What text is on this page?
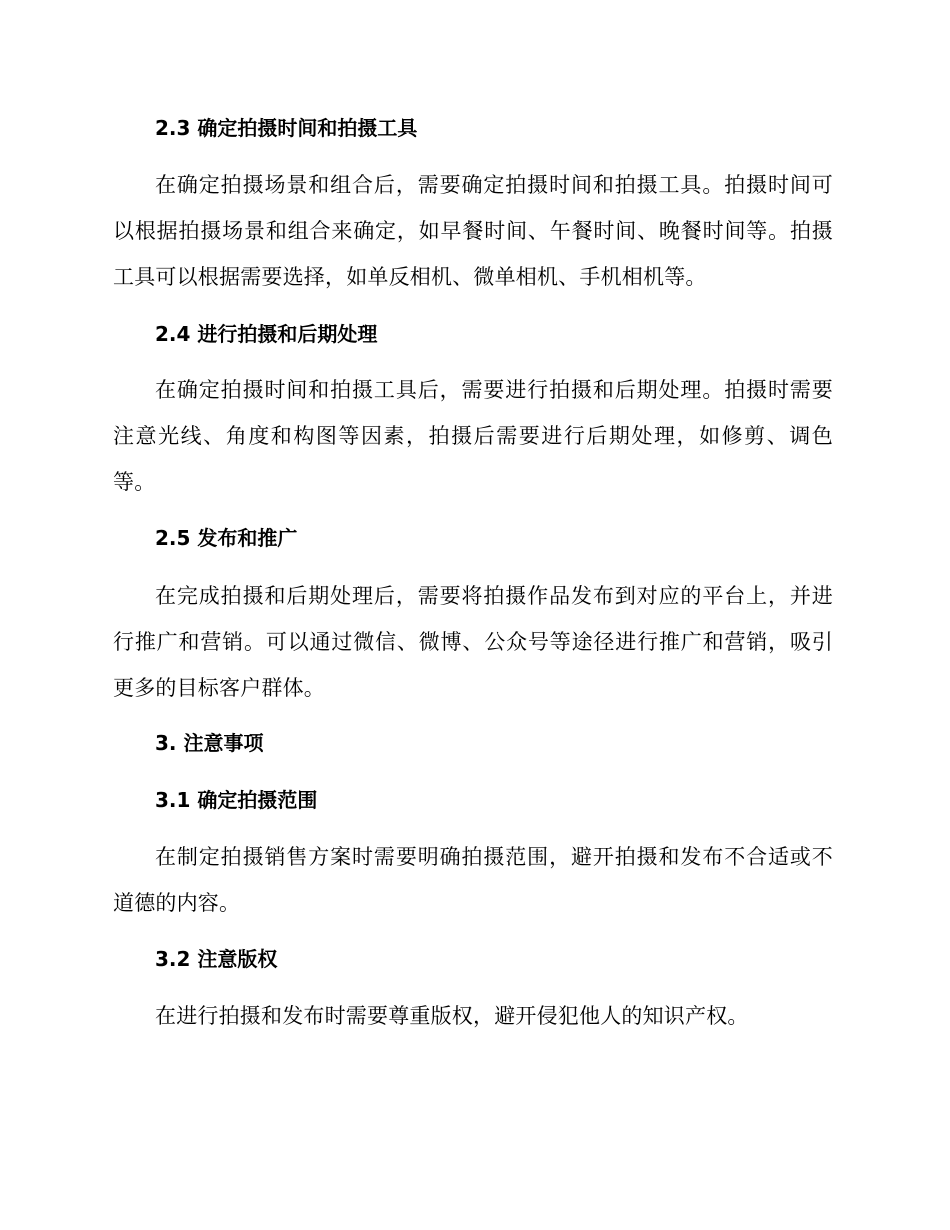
2.3 确定拍摄时间和拍摄工具
在确定拍摄场景和组合后，需要确定拍摄时间和拍摄工具。拍摄时间可以根据拍摄场景和组合来确定，如早餐时间、午餐时间、晚餐时间等。拍摄工具可以根据需要选择，如单反相机、微单相机、手机相机等。
2.4 进行拍摄和后期处理
在确定拍摄时间和拍摄工具后，需要进行拍摄和后期处理。拍摄时需要注意光线、角度和构图等因素，拍摄后需要进行后期处理，如修剪、调色等。
2.5 发布和推广
在完成拍摄和后期处理后，需要将拍摄作品发布到对应的平台上，并进行推广和营销。可以通过微信、微博、公众号等途径进行推广和营销，吸引更多的目标客户群体。
3. 注意事项
3.1 确定拍摄范围
在制定拍摄销售方案时需要明确拍摄范围，避开拍摄和发布不合适或不道德的内容。
3.2 注意版权
在进行拍摄和发布时需要尊重版权，避开侵犯他人的知识产权。
